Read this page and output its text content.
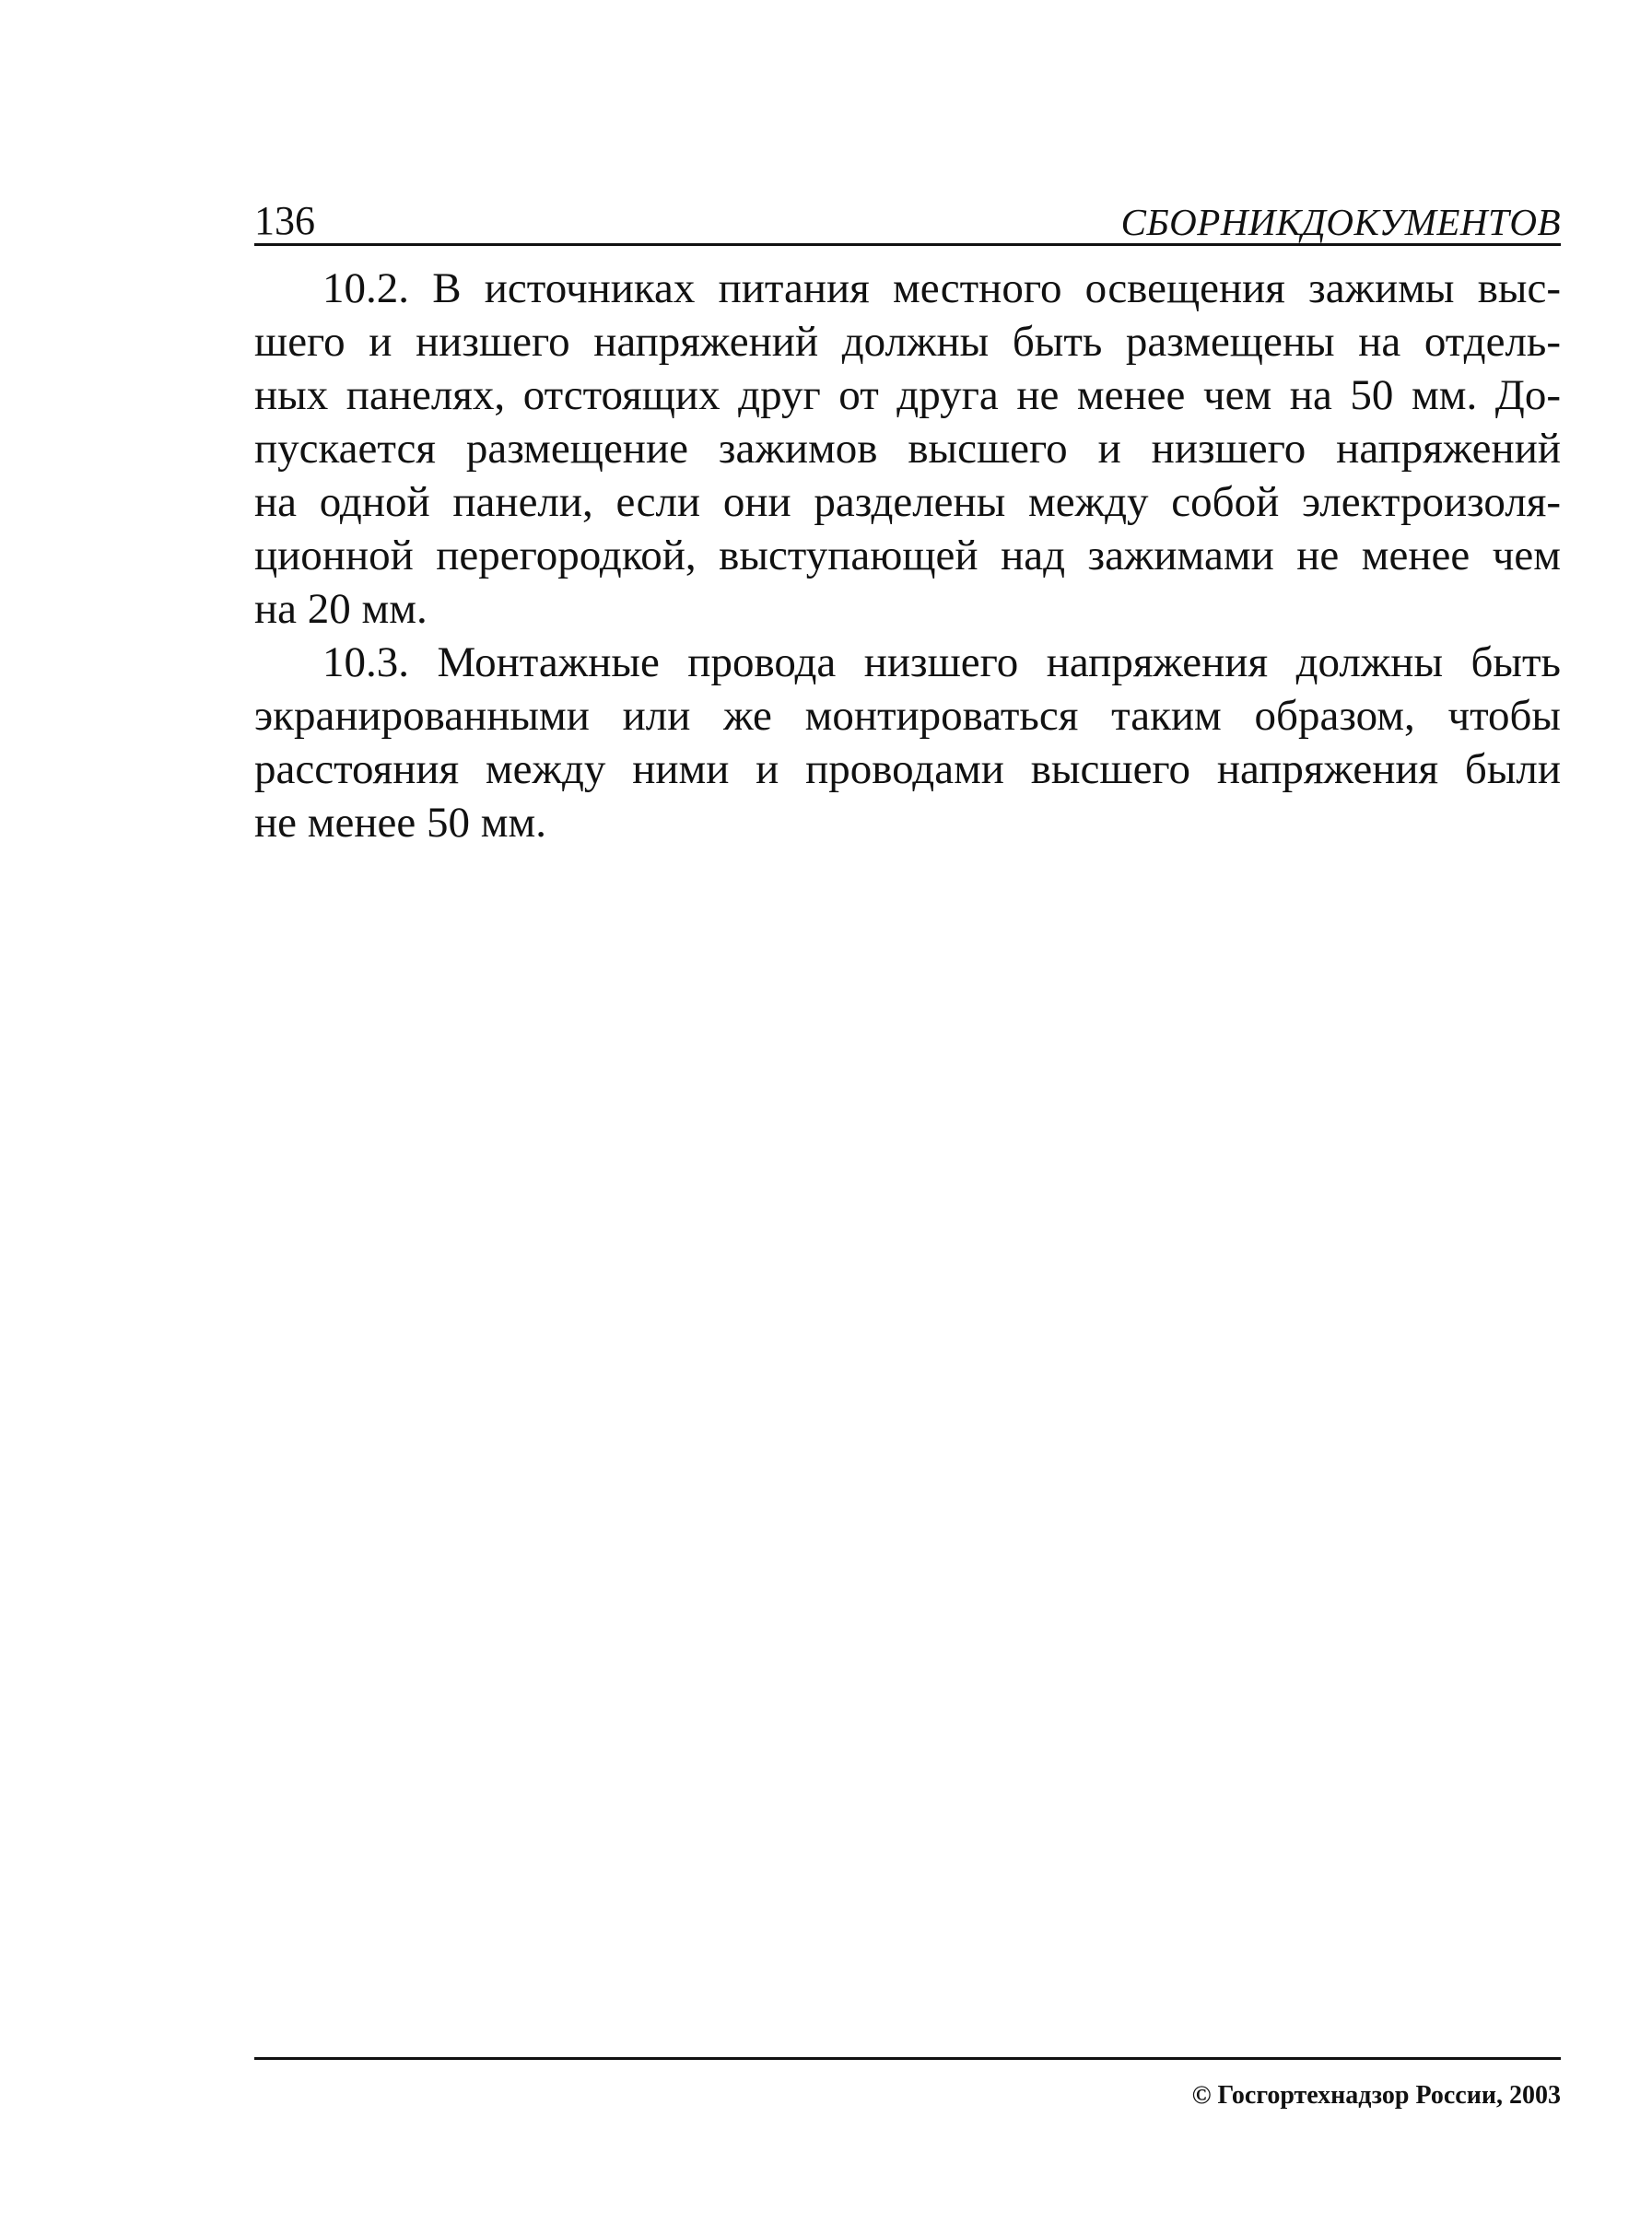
136	СБОРНИКДОКУМЕНТОВ
10.2. В источниках питания местного освещения зажимы выс-
шего и низшего напряжений должны быть размещены на отдель-
ных панелях, отстоящих друг от друга не менее чем на 50 мм. До-
пускается размещение зажимов высшего и низшего напряжений
на одной панели, если они разделены между собой электроизоля-
ционной перегородкой, выступающей над зажимами не менее чем
на 20 мм.
10.3. Монтажные провода низшего напряжения должны быть
экранированными или же монтироваться таким образом, чтобы
расстояния между ними и проводами высшего напряжения были
не менее 50 мм.
© Госгортехнадзор России, 2003
